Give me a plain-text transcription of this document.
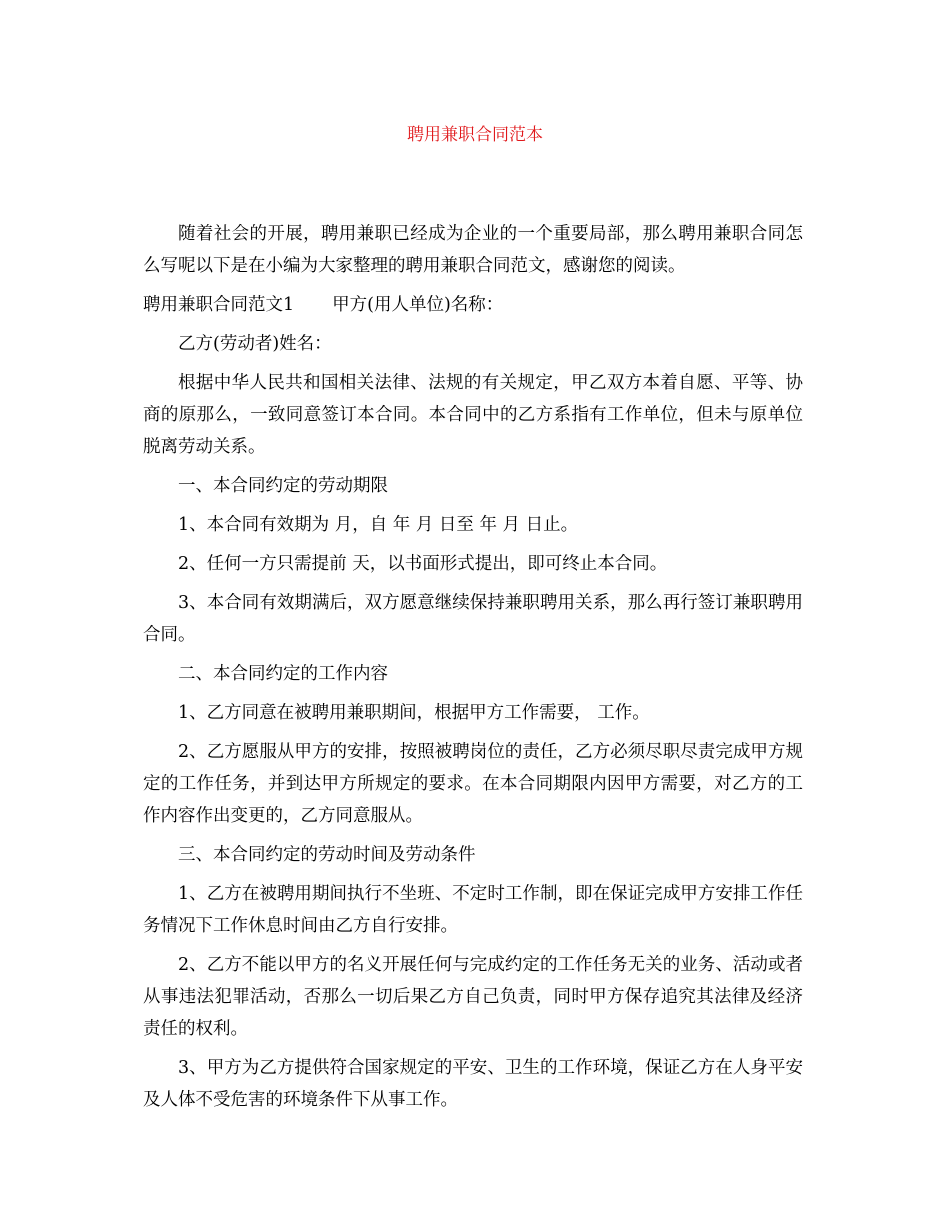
聘用兼职合同范本

随着社会的开展，聘用兼职已经成为企业的一个重要局部，那么聘用兼职合同怎么写呢以下是在小编为大家整理的聘用兼职合同范文，感谢您的阅读。

聘用兼职合同范文1 甲方(用人单位)名称：

乙方(劳动者)姓名：

根据中华人民共和国相关法律、法规的有关规定，甲乙双方本着自愿、平等、协商的原那么，一致同意签订本合同。本合同中的乙方系指有工作单位，但未与原单位脱离劳动关系。

一、本合同约定的劳动期限

1、本合同有效期为 月，自 年 月 日至 年 月 日止。

2、任何一方只需提前 天，以书面形式提出，即可终止本合同。

3、本合同有效期满后，双方愿意继续保持兼职聘用关系，那么再行签订兼职聘用合同。

二、本合同约定的工作内容

1、乙方同意在被聘用兼职期间，根据甲方工作需要， 工作。

2、乙方愿服从甲方的安排，按照被聘岗位的责任，乙方必须尽职尽责完成甲方规定的工作任务，并到达甲方所规定的要求。在本合同期限内因甲方需要，对乙方的工作内容作出变更的，乙方同意服从。

三、本合同约定的劳动时间及劳动条件

1、乙方在被聘用期间执行不坐班、不定时工作制，即在保证完成甲方安排工作任务情况下工作休息时间由乙方自行安排。

2、乙方不能以甲方的名义开展任何与完成约定的工作任务无关的业务、活动或者从事违法犯罪活动，否那么一切后果乙方自己负责，同时甲方保存追究其法律及经济责任的权利。

3、甲方为乙方提供符合国家规定的平安、卫生的工作环境，保证乙方在人身平安及人体不受危害的环境条件下从事工作。
